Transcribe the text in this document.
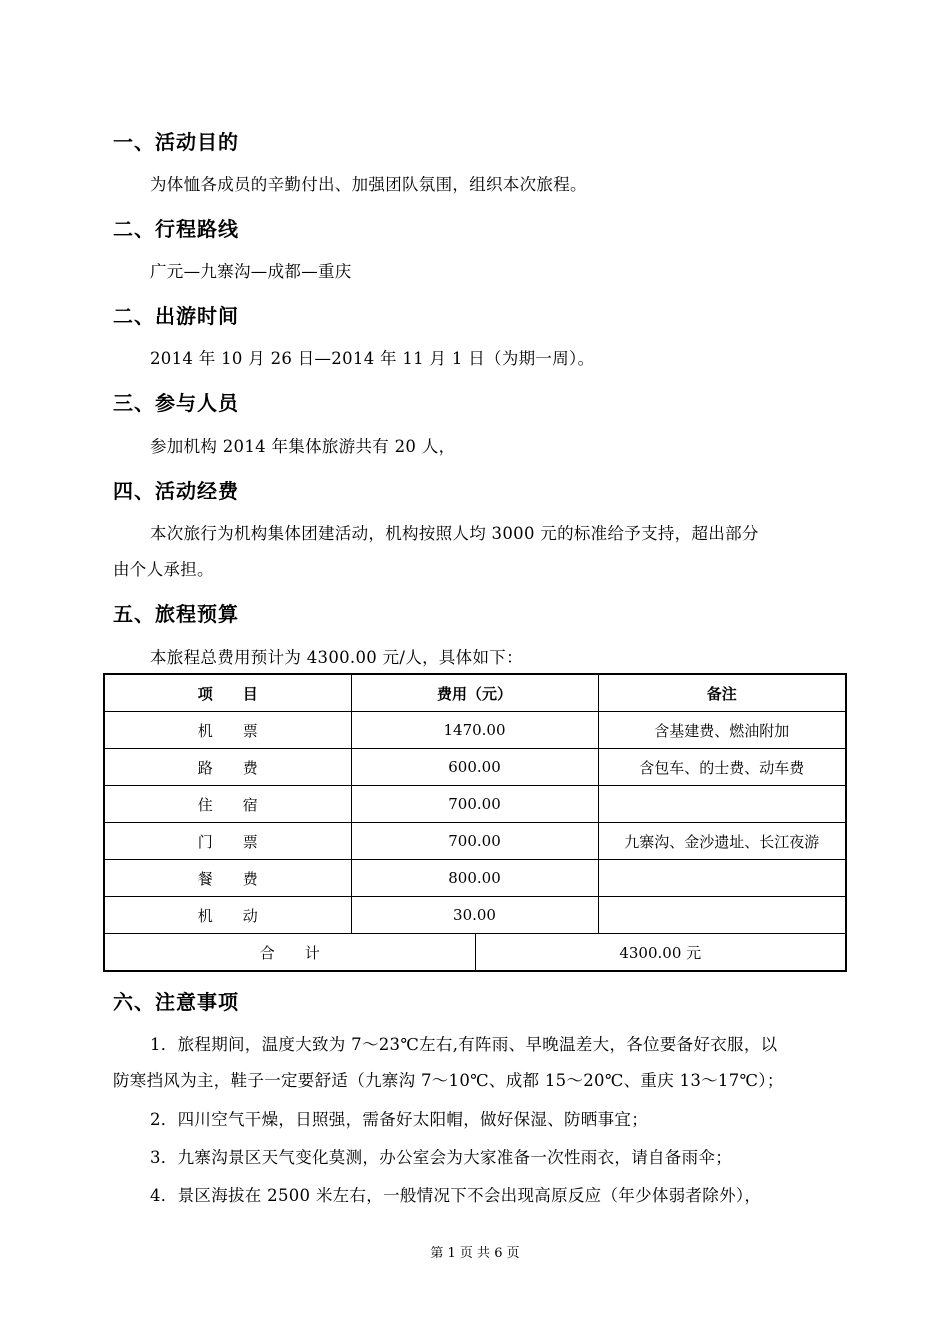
一、活动目的
为体恤各成员的辛勤付出、加强团队氛围，组织本次旅程。
二、行程路线
广元—九寨沟—成都—重庆
二、出游时间
2014 年 10 月 26 日—2014 年 11 月 1 日（为期一周）。
三、参与人员
参加机构 2014 年集体旅游共有 20 人，
四、活动经费
本次旅行为机构集体团建活动，机构按照人均 3000 元的标准给予支持，超出部分
由个人承担。
五、旅程预算
本旅程总费用预计为 4300.00 元/人，具体如下：
项　　目	费用（元）		备注
机　　票	1470.00		含基建费、燃油附加
路　　费	600.00		含包车、的士费、动车费
住　　宿	700.00		
门　　票	700.00		九寨沟、金沙遗址、长江夜游
餐　　费	800.00		
机　　动	30.00		
合　　计		4300.00 元	
六、注意事项
1．旅程期间，温度大致为 7～23℃左右,有阵雨、早晚温差大，各位要备好衣服，以
防寒挡风为主，鞋子一定要舒适（九寨沟 7～10℃、成都 15～20℃、重庆 13～17℃）；
2．四川空气干燥，日照强，需备好太阳帽，做好保湿、防晒事宜；
3．九寨沟景区天气变化莫测，办公室会为大家准备一次性雨衣，请自备雨伞；
4．景区海拔在 2500 米左右，一般情况下不会出现高原反应（年少体弱者除外），
第 1 页 共 6 页
